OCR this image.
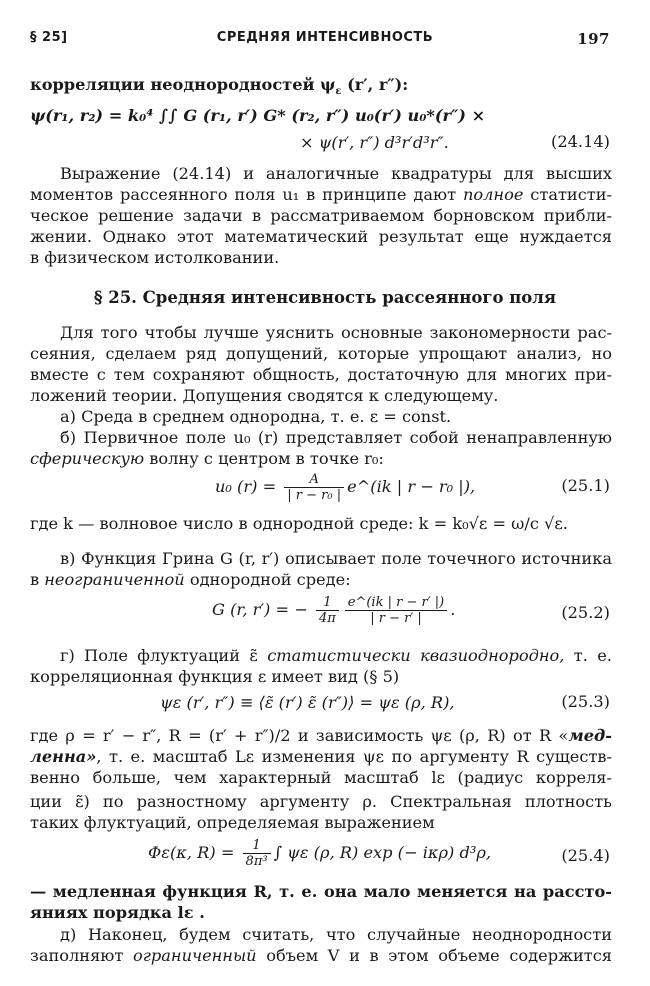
§ 25]	СРЕДНЯЯ ИНТЕНСИВНОСТЬ	197
корреляции неоднородностей $\psi_\varepsilon$ (r′, r″):
ψ(r₁, r₂) = k₀⁴ ∫∫ G (r₁, r′) G* (r₂, r″) u₀(r′) u₀*(r″) ×
× ψ(r′, r″) d³r′d³r″.	(24.14)
Выражение (24.14) и аналогичные квадратуры для высших
моментов рассеянного поля u₁ в принципе дают полное статисти-
ческое решение задачи в рассматриваемом борновском прибли-
жении. Однако этот математический результат еще нуждается
в физическом истолковании.
§ 25. Средняя интенсивность рассеянного поля
Для того чтобы лучше уяснить основные закономерности рас-
сеяния, сделаем ряд допущений, которые упрощают анализ, но
вместе с тем сохраняют общность, достаточную для многих при-
ложений теории. Допущения сводятся к следующему.
а) Среда в среднем однородна, т. е. ε = const.
б) Первичное поле u₀ (r) представляет собой ненаправленную
сферическую волну с центром в точке r₀:
u₀ $(r) = \frac{A}{\text{| r − r₀ |}}$ e^(ik | r − r₀ |),	(25.1)
где k — волновое число в однородной среде: k = k₀√ε = ω/c √ε.
в) Функция Грина G (r, r′) описывает поле точечного источника
в неограниченной однородной среде:
G (r, r′) = − $\frac{1}{4\pi} \frac{e\^{}(ik | r - r' |)}{| r - r' |}$ .	(25.2)
г) Поле флуктуаций ε̃ статистически квазиоднородно, т. е.
корреляционная функция ε имеет вид (§ 5)
ψε (r′, r″) ≡ ⟨ε̃ (r′) ε̃ (r″)⟩ = ψε (ρ, R),	(25.3)
где ρ = r′ − r″, R = (r′ + r″)/2 и зависимость ψε (ρ, R) от R «мед-
ленна», т. е. масштаб Lε изменения ψε по аргументу R существ-
венно больше, чем характерный масштаб lε (радиус корреля-
ции ε̃) по разностному аргументу ρ. Спектральная плотность
таких флуктуаций, определяемая выражением
Φε(κ, $R) = \frac{1}{\text{8π³}}$ ∫ ψε (ρ, R) exp (− iκρ) d³ρ,	(25.4)
— медленная функция R, т. е. она мало меняется на рассто-
яниях порядка lε .
д) Наконец, будем считать, что случайные неоднородности
заполняют ограниченный объем V и в этом объеме содержится
